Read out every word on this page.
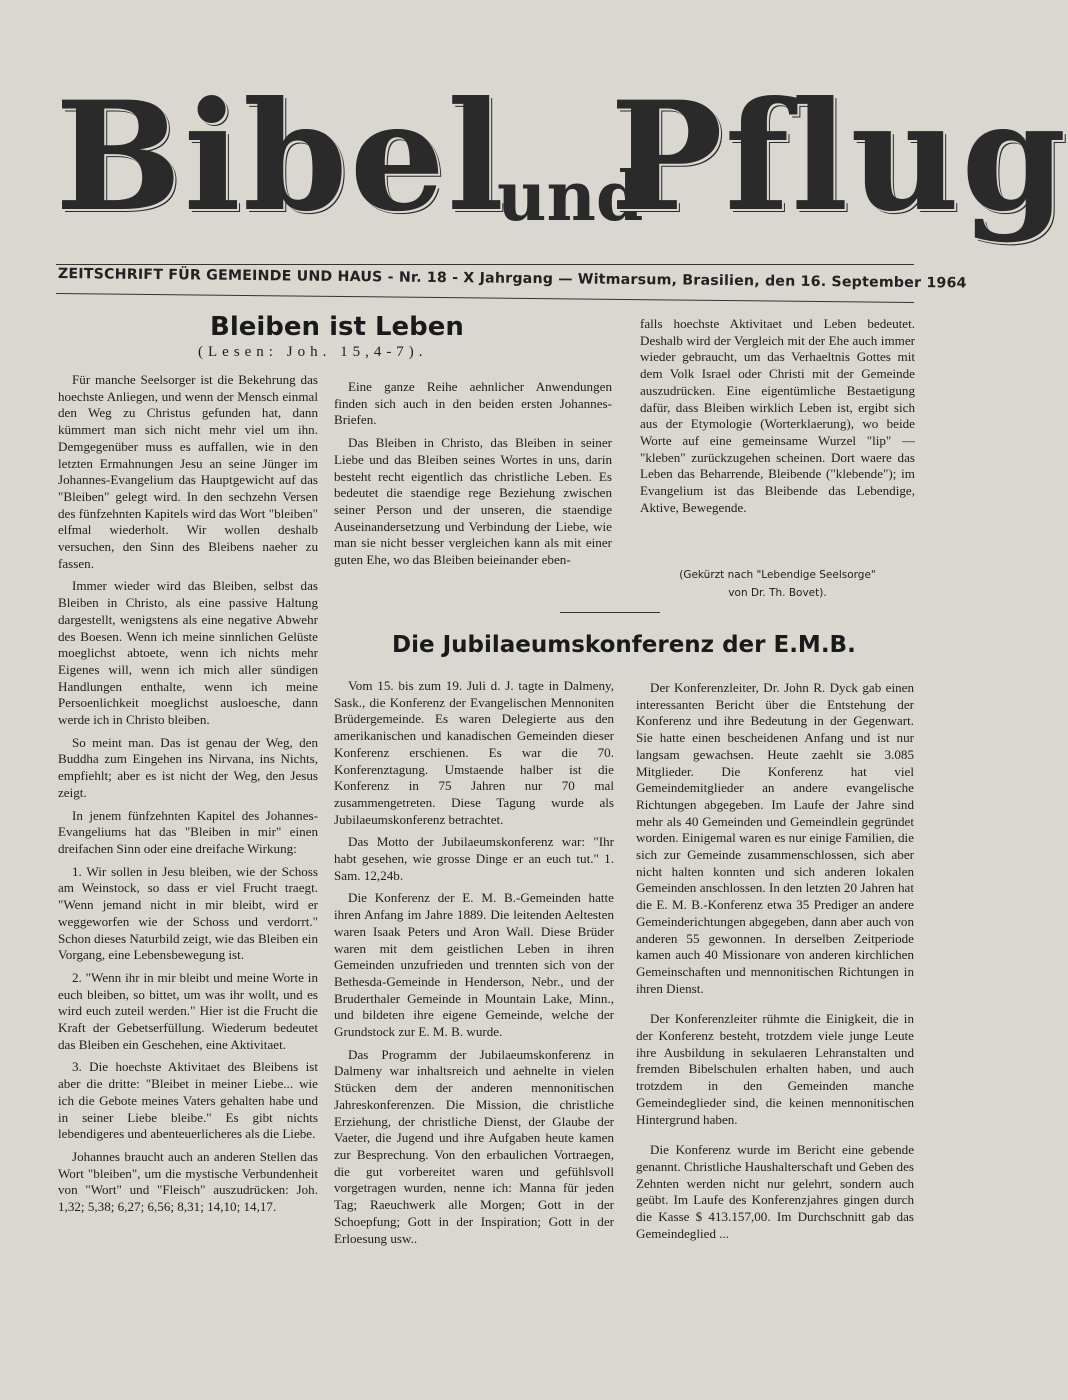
Bibel
und
Pflug
ZEITSCHRIFT FÜR GEMEINDE UND HAUS - Nr. 18 - X Jahrgang — Witmarsum, Brasilien, den 16. September 1964
Bleiben ist Leben
(Lesen: Joh. 15,4-7).

Für manche Seelsorger ist die Bekehrung das hoechste Anliegen, und wenn der Mensch einmal den Weg zu Christus gefunden hat, dann kümmert man sich nicht mehr viel um ihn. Demgegenüber muss es auffallen, wie in den letzten Ermahnungen Jesu an seine Jünger im Johannes-Evangelium das Hauptgewicht auf das "Bleiben" gelegt wird. In den sechzehn Versen des fünfzehnten Kapitels wird das Wort "bleiben" elfmal wiederholt. Wir wollen deshalb versuchen, den Sinn des Bleibens naeher zu fassen.

Immer wieder wird das Bleiben, selbst das Bleiben in Christo, als eine passive Haltung dargestellt, wenigstens als eine negative Abwehr des Boesen. Wenn ich meine sinnlichen Gelüste moeglichst abtoete, wenn ich nichts mehr Eigenes will, wenn ich mich aller sündigen Handlungen enthalte, wenn ich meine Persoenlichkeit moeglichst ausloesche, dann werde ich in Christo bleiben.

So meint man. Das ist genau der Weg, den Buddha zum Eingehen ins Nirvana, ins Nichts, empfiehlt; aber es ist nicht der Weg, den Jesus zeigt.

In jenem fünfzehnten Kapitel des Johannes-Evangeliums hat das "Bleiben in mir" einen dreifachen Sinn oder eine dreifache Wirkung:

1. Wir sollen in Jesu bleiben, wie der Schoss am Weinstock, so dass er viel Frucht traegt. "Wenn jemand nicht in mir bleibt, wird er weggeworfen wie der Schoss und verdorrt." Schon dieses Naturbild zeigt, wie das Bleiben ein Vorgang, eine Lebensbewegung ist.

2. "Wenn ihr in mir bleibt und meine Worte in euch bleiben, so bittet, um was ihr wollt, und es wird euch zuteil werden." Hier ist die Frucht die Kraft der Gebetserfüllung. Wiederum bedeutet das Bleiben ein Geschehen, eine Aktivitaet.

3. Die hoechste Aktivitaet des Bleibens ist aber die dritte: "Bleibet in meiner Liebe... wie ich die Gebote meines Vaters gehalten habe und in seiner Liebe bleibe." Es gibt nichts lebendigeres und abenteuerlicheres als die Liebe.

Johannes braucht auch an anderen Stellen das Wort "bleiben", um die mystische Verbundenheit von "Wort" und "Fleisch" auszudrücken: Joh. 1,32; 5,38; 6,27; 6,56; 8,31; 14,10; 14,17.

Eine ganze Reihe aehnlicher Anwendungen finden sich auch in den beiden ersten Johannes-Briefen.

Das Bleiben in Christo, das Bleiben in seiner Liebe und das Bleiben seines Wortes in uns, darin besteht recht eigentlich das christliche Leben. Es bedeutet die staendige rege Beziehung zwischen seiner Person und der unseren, die staendige Auseinandersetzung und Verbindung der Liebe, wie man sie nicht besser vergleichen kann als mit einer guten Ehe, wo das Bleiben beieinander eben-

falls hoechste Aktivitaet und Leben bedeutet. Deshalb wird der Vergleich mit der Ehe auch immer wieder gebraucht, um das Verhaeltnis Gottes mit dem Volk Israel oder Christi mit der Gemeinde auszudrücken. Eine eigentümliche Bestaetigung dafür, dass Bleiben wirklich Leben ist, ergibt sich aus der Etymologie (Worterklaerung), wo beide Worte auf eine gemeinsame Wurzel "lip" — "kleben" zurückzugehen scheinen. Dort waere das Leben das Beharrende, Bleibende ("klebende"); im Evangelium ist das Bleibende das Lebendige, Aktive, Bewegende.

(Gekürzt nach "Lebendige Seelsorge"
von Dr. Th. Bovet).
Die Jubilaeumskonferenz der E.M.B.

Vom 15. bis zum 19. Juli d. J. tagte in Dalmeny, Sask., die Konferenz der Evangelischen Mennoniten Brüdergemeinde. Es waren Delegierte aus den amerikanischen und kanadischen Gemeinden dieser Konferenz erschienen. Es war die 70. Konferenztagung. Umstaende halber ist die Konferenz in 75 Jahren nur 70 mal zusammengetreten. Diese Tagung wurde als Jubilaeumskonferenz betrachtet.

Das Motto der Jubilaeumskonferenz war: "Ihr habt gesehen, wie grosse Dinge er an euch tut." 1. Sam. 12,24b.

Die Konferenz der E. M. B.-Gemeinden hatte ihren Anfang im Jahre 1889. Die leitenden Aeltesten waren Isaak Peters und Aron Wall. Diese Brüder waren mit dem geistlichen Leben in ihren Gemeinden unzufrieden und trennten sich von der Bethesda-Gemeinde in Henderson, Nebr., und der Bruderthaler Gemeinde in Mountain Lake, Minn., und bildeten ihre eigene Gemeinde, welche der Grundstock zur E. M. B. wurde.

Das Programm der Jubilaeumskonferenz in Dalmeny war inhaltsreich und aehnelte in vielen Stücken dem der anderen mennonitischen Jahreskonferenzen. Die Mission, die christliche Erziehung, der christliche Dienst, der Glaube der Vaeter, die Jugend und ihre Aufgaben heute kamen zur Besprechung. Von den erbaulichen Vortraegen, die gut vorbereitet waren und gefühlsvoll vorgetragen wurden, nenne ich: Manna für jeden Tag; Raeuchwerk alle Morgen; Gott in der Schoepfung; Gott in der Inspiration; Gott in der Erloesung usw..

Der Konferenzleiter, Dr. John R. Dyck gab einen interessanten Bericht über die Entstehung der Konferenz und ihre Bedeutung in der Gegenwart. Sie hatte einen bescheidenen Anfang und ist nur langsam gewachsen. Heute zaehlt sie 3.085 Mitglieder. Die Konferenz hat viel Gemeindemitglieder an andere evangelische Richtungen abgegeben. Im Laufe der Jahre sind mehr als 40 Gemeinden und Gemeindlein gegründet worden. Einigemal waren es nur einige Familien, die sich zur Gemeinde zusammenschlossen, sich aber nicht halten konnten und sich anderen lokalen Gemeinden anschlossen. In den letzten 20 Jahren hat die E. M. B.-Konferenz etwa 35 Prediger an andere Gemeinderichtungen abgegeben, dann aber auch von anderen 55 gewonnen. In derselben Zeitperiode kamen auch 40 Missionare von anderen kirchlichen Gemeinschaften und mennonitischen Richtungen in ihren Dienst.

Der Konferenzleiter rühmte die Einigkeit, die in der Konferenz besteht, trotzdem viele junge Leute ihre Ausbildung in sekulaeren Lehranstalten und fremden Bibelschulen erhalten haben, und auch trotzdem in den Gemeinden manche Gemeindeglieder sind, die keinen mennonitischen Hintergrund haben.

Die Konferenz wurde im Bericht eine gebende genannt. Christliche Haushalterschaft und Geben des Zehnten werden nicht nur gelehrt, sondern auch geübt. Im Laufe des Konferenzjahres gingen durch die Kasse $ 413.157,00. Im Durchschnitt gab das Gemeindeglied ...
